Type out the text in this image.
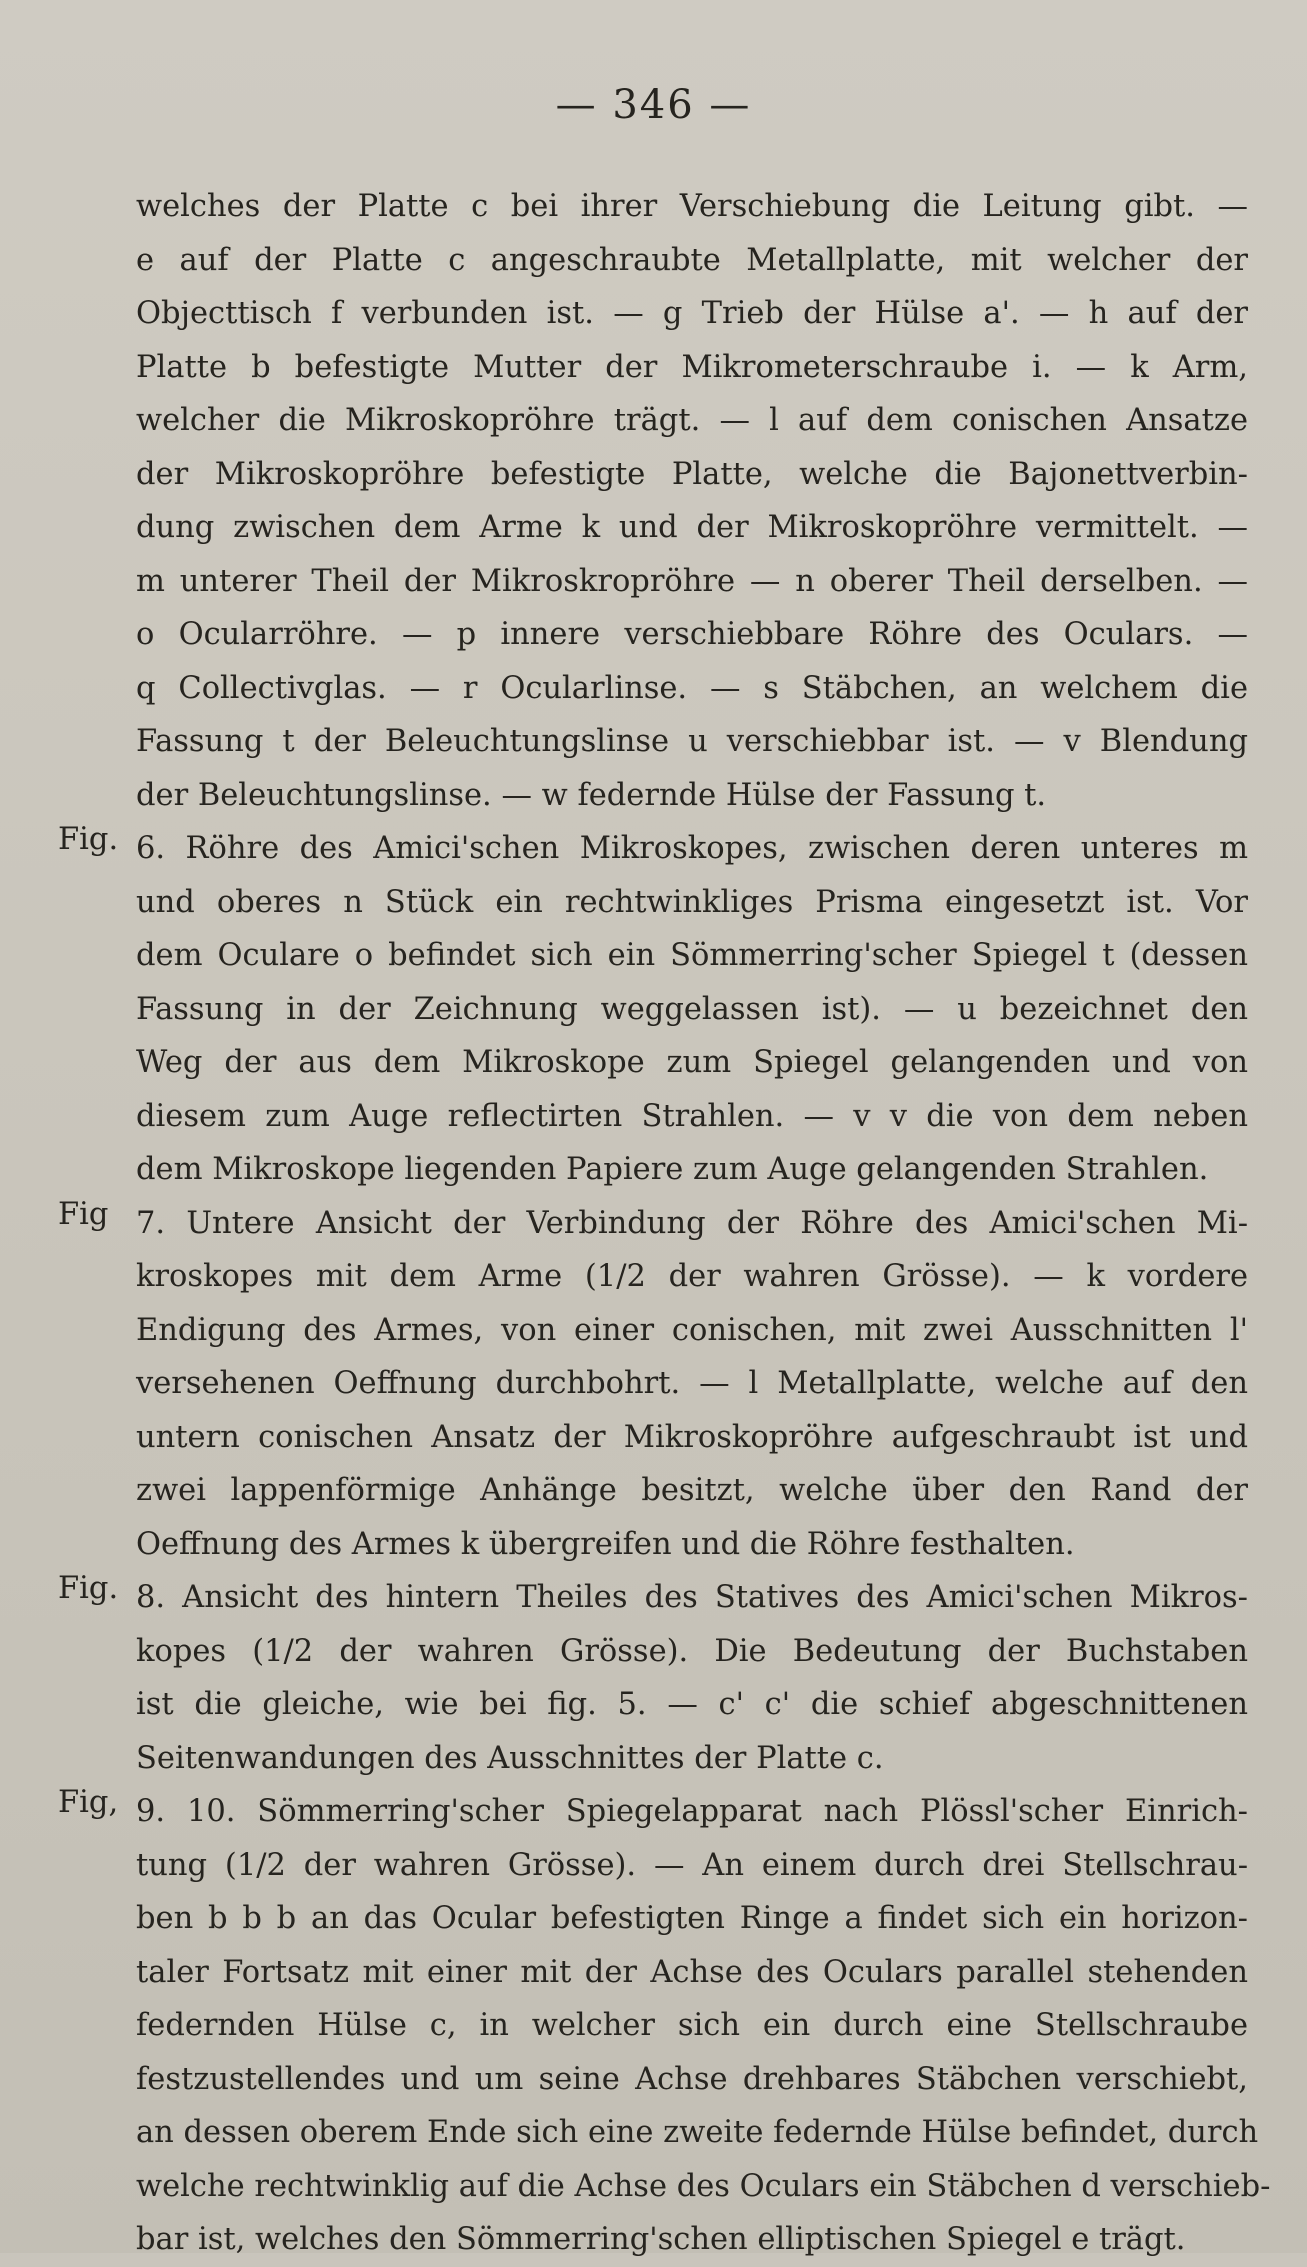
— 346 —
welches der Platte c bei ihrer Verschiebung die Leitung gibt. —
e auf der Platte c angeschraubte Metallplatte, mit welcher der
Objecttisch f verbunden ist. — g Trieb der Hülse a'. — h auf der
Platte b befestigte Mutter der Mikrometerschraube i. — k Arm,
welcher die Mikroskopröhre trägt. — l auf dem conischen Ansatze
der Mikroskopröhre befestigte Platte, welche die Bajonettverbin-
dung zwischen dem Arme k und der Mikroskopröhre vermittelt. —
m unterer Theil der Mikroskropröhre — n oberer Theil derselben. —
o Ocularröhre. — p innere verschiebbare Röhre des Oculars. —
q Collectivglas. — r Ocularlinse. — s Stäbchen, an welchem die
Fassung t der Beleuchtungslinse u verschiebbar ist. — v Blendung
der Beleuchtungslinse. — w federnde Hülse der Fassung t.
Fig. 6. Röhre des Amici'schen Mikroskopes, zwischen deren unteres m
und oberes n Stück ein rechtwinkliges Prisma eingesetzt ist. Vor
dem Oculare o befindet sich ein Sömmerring'scher Spiegel t (dessen
Fassung in der Zeichnung weggelassen ist). — u bezeichnet den
Weg der aus dem Mikroskope zum Spiegel gelangenden und von
diesem zum Auge reflectirten Strahlen. — v v die von dem neben
dem Mikroskope liegenden Papiere zum Auge gelangenden Strahlen.
Fig 7. Untere Ansicht der Verbindung der Röhre des Amici'schen Mi-
kroskopes mit dem Arme (1/2 der wahren Grösse). — k vordere
Endigung des Armes, von einer conischen, mit zwei Ausschnitten l'
versehenen Oeffnung durchbohrt. — l Metallplatte, welche auf den
untern conischen Ansatz der Mikroskopröhre aufgeschraubt ist und
zwei lappenförmige Anhänge besitzt, welche über den Rand der
Oeffnung des Armes k übergreifen und die Röhre festhalten.
Fig. 8. Ansicht des hintern Theiles des Statives des Amici'schen Mikros-
kopes (1/2 der wahren Grösse). Die Bedeutung der Buchstaben
ist die gleiche, wie bei fig. 5. — c' c' die schief abgeschnittenen
Seitenwandungen des Ausschnittes der Platte c.
Fig, 9. 10. Sömmerring'scher Spiegelapparat nach Plössl'scher Einrich-
tung (1/2 der wahren Grösse). — An einem durch drei Stellschrau-
ben b b b an das Ocular befestigten Ringe a findet sich ein horizon-
taler Fortsatz mit einer mit der Achse des Oculars parallel stehenden
federnden Hülse c, in welcher sich ein durch eine Stellschraube
festzustellendes und um seine Achse drehbares Stäbchen verschiebt,
an dessen oberem Ende sich eine zweite federnde Hülse befindet, durch
welche rechtwinklig auf die Achse des Oculars ein Stäbchen d verschieb-
bar ist, welches den Sömmerring'schen elliptischen Spiegel e trägt.
